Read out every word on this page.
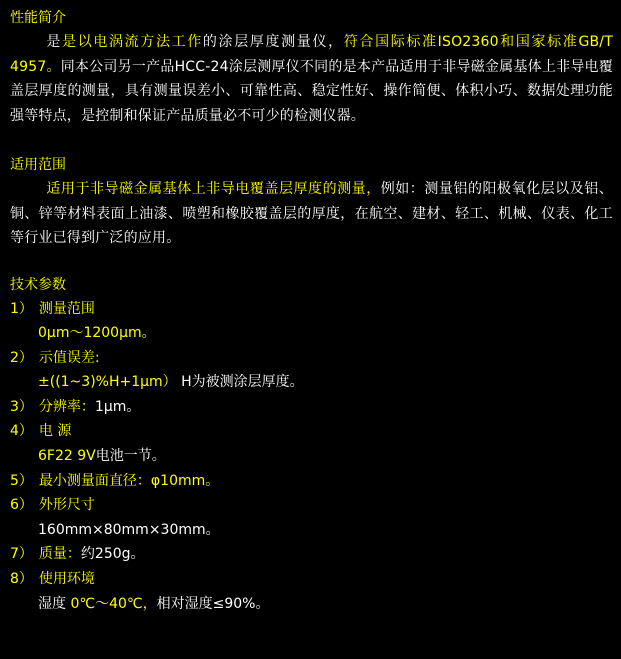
性能简介
是是以电涡流方法工作的涂层厚度测量仪，符合国际标准ISO2360和国家标准GB/T 4957。同本公司另一产品HCC-24涂层测厚仪不同的是本产品适用于非导磁金属基体上非导电覆盖层厚度的测量，具有测量误差小、可靠性高、稳定性好、操作简便、体积小巧、数据处理功能强等特点，是控制和保证产品质量必不可少的检测仪器。
适用范围
适用于非导磁金属基体上非导电覆盖层厚度的测量，例如：测量铝的阳极氧化层以及铝、铜、锌等材料表面上油漆、喷塑和橡胶覆盖层的厚度，在航空、建材、轻工、机械、仪表、化工等行业已得到广泛的应用。
技术参数
1） 测量范围
0μm～1200μm。
2） 示值误差:
±((1~3)%H+1μm） H为被测涂层厚度。
3） 分辨率：1μm。
4） 电 源
6F22 9V电池一节。
5） 最小测量面直径：φ10mm。
6） 外形尺寸
160mm×80mm×30mm。
7） 质量：约250g。
8） 使用环境
湿度 0℃～40℃，相对湿度≤90%。
